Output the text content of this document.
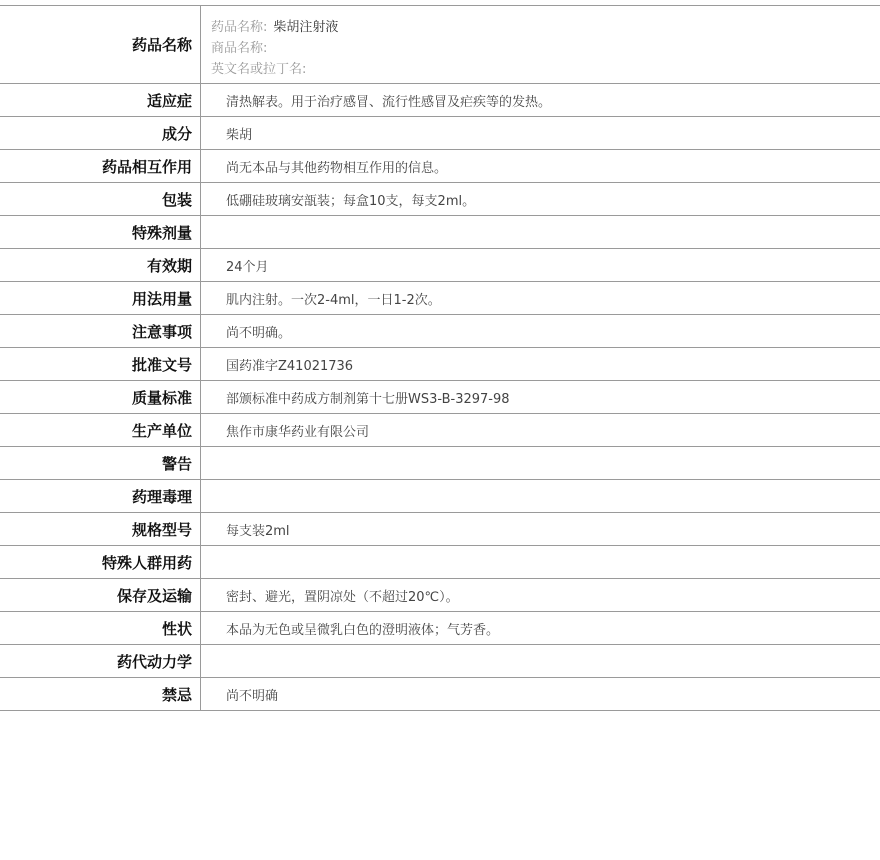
药品名称	药品名称: 柴胡注射液
商品名称:
英文名或拉丁名:

适应症	清热解表。用于治疗感冒、流行性感冒及疟疾等的发热。
成分	柴胡
药品相互作用	尚无本品与其他药物相互作用的信息。
包装	低硼硅玻璃安瓿装；每盒10支，每支2ml。
特殊剂量	
有效期	24个月
用法用量	肌内注射。一次2-4ml，一日1-2次。
注意事项	尚不明确。
批准文号	国药准字Z41021736
质量标准	部颁标准中药成方制剂第十七册WS3-B-3297-98
生产单位	焦作市康华药业有限公司
警告	
药理毒理	
规格型号	每支装2ml
特殊人群用药	
保存及运输	密封、避光，置阴凉处（不超过20℃）。
性状	本品为无色或呈微乳白色的澄明液体；气芳香。
药代动力学	
禁忌	尚不明确
